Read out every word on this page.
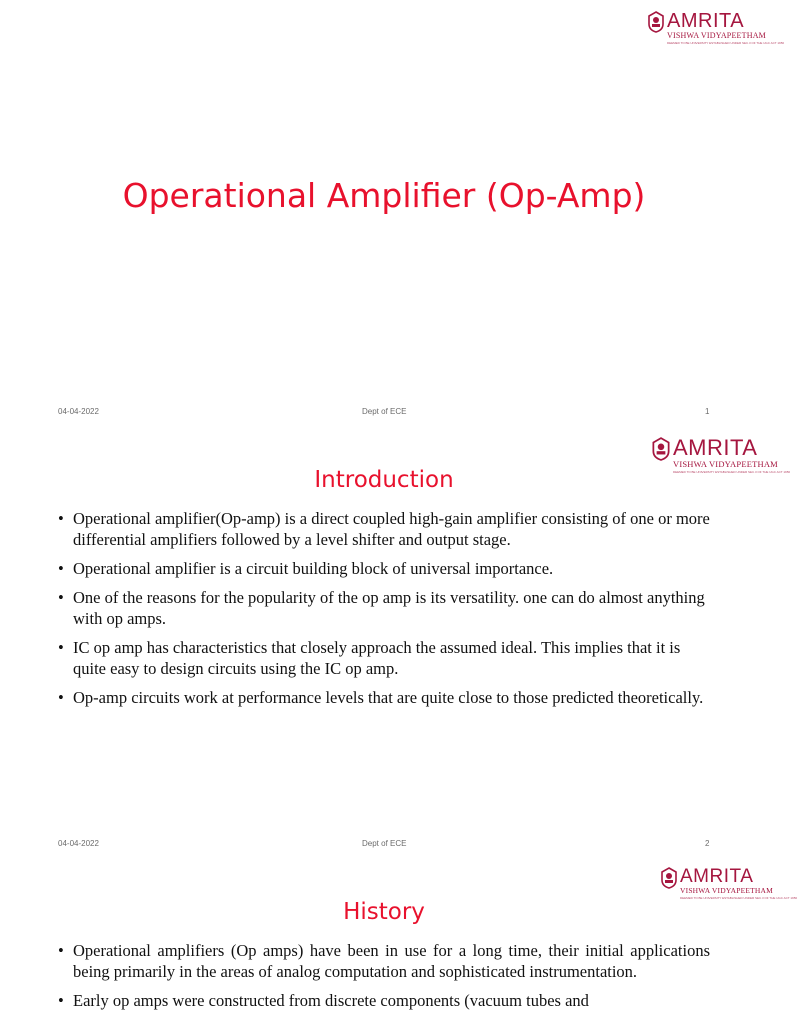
AMRITA
VISHWA VIDYAPEETHAM
DEEMED TO BE UNIVERSITY ESTABLISHED UNDER SEC.3 OF THE UGC ACT 1956
Operational Amplifier (Op-Amp)
04-04-2022	Dept of ECE	1
AMRITA
VISHWA VIDYAPEETHAM
DEEMED TO BE UNIVERSITY ESTABLISHED UNDER SEC.3 OF THE UGC ACT 1956
Introduction
• Operational amplifier(Op-amp) is a direct coupled high-gain amplifier consisting of one or more differential amplifiers followed by a level shifter and output stage.
• Operational amplifier is a circuit building block of universal importance.
• One of the reasons for the popularity of the op amp is its versatility. one can do almost anything with op amps.
• IC op amp has characteristics that closely approach the assumed ideal. This implies that it is quite easy to design circuits using the IC op amp.
• Op-amp circuits work at performance levels that are quite close to those predicted theoretically.
04-04-2022	Dept of ECE	2
AMRITA
VISHWA VIDYAPEETHAM
DEEMED TO BE UNIVERSITY ESTABLISHED UNDER SEC.3 OF THE UGC ACT 1956
History
• Operational amplifiers (Op amps) have been in use for a long time, their initial applications being primarily in the areas of analog computation and sophisticated instrumentation.
• Early op amps were constructed from discrete components (vacuum tubes and
